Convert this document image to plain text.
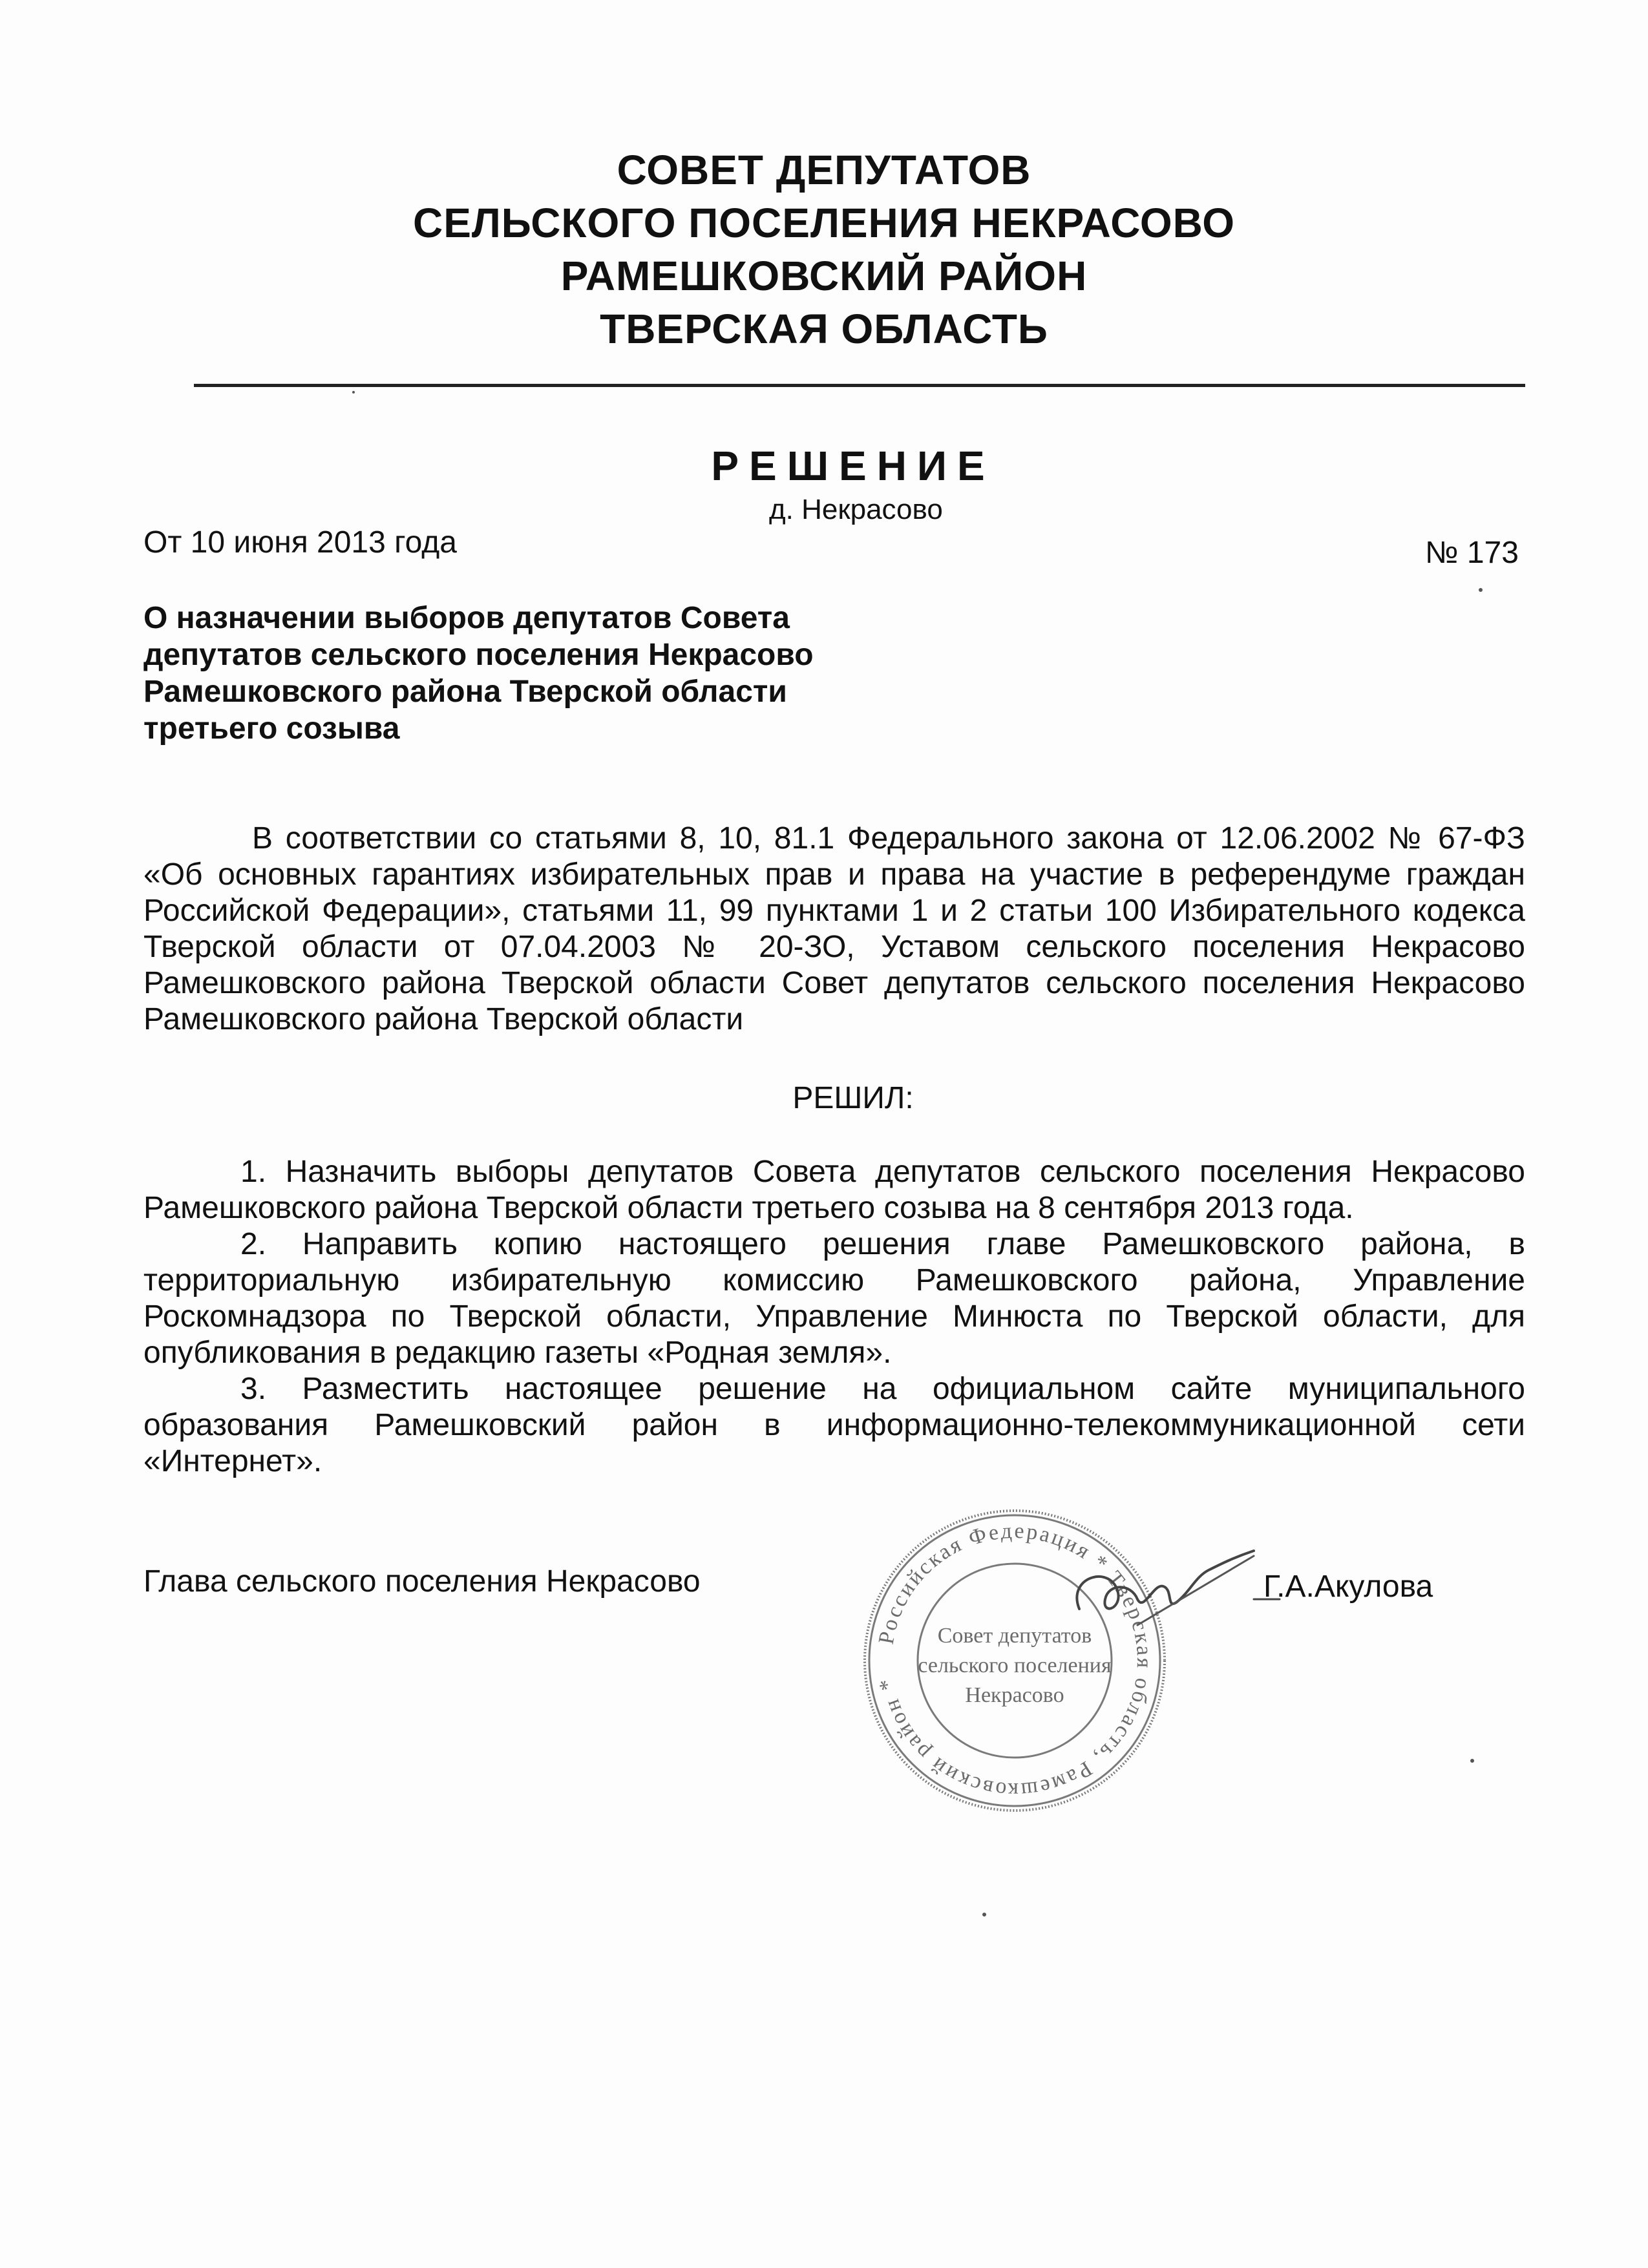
СОВЕТ ДЕПУТАТОВ
СЕЛЬСКОГО ПОСЕЛЕНИЯ НЕКРАСОВО
РАМЕШКОВСКИЙ РАЙОН
ТВЕРСКАЯ ОБЛАСТЬ
РЕШЕНИЕ
д. Некрасово
От 10 июня 2013 года	№ 173
О назначении выборов депутатов Совета депутатов сельского поселения Некрасово Рамешковского района Тверской области третьего созыва

В соответствии со статьями 8, 10, 81.1 Федерального закона от 12.06.2002 № 67-ФЗ «Об основных гарантиях избирательных прав и права на участие в референдуме граждан Российской Федерации», статьями 11, 99 пунктами 1 и 2 статьи 100 Избирательного кодекса Тверской области от 07.04.2003 № 20-ЗО, Уставом сельского поселения Некрасово Рамешковского района Тверской области Совет депутатов сельского поселения Некрасово Рамешковского района Тверской области

РЕШИЛ:

1. Назначить выборы депутатов Совета депутатов сельского поселения Некрасово Рамешковского района Тверской области третьего созыва на 8 сентября 2013 года.

2. Направить копию настоящего решения главе Рамешковского района, в территориальную избирательную комиссию Рамешковского района, Управление Роскомнадзора по Тверской области, Управление Минюста по Тверской области, для опубликования в редакцию газеты «Родная земля».

3. Разместить настоящее решение на официальном сайте муниципального образования Рамешковский район в информационно-телекоммуникационной сети «Интернет».

Глава сельского поселения Некрасово
Российская Федерация * Тверская область, Рамешковский район *
Совет депутатов
сельского поселения
Некрасово
Г.А.Акулова
